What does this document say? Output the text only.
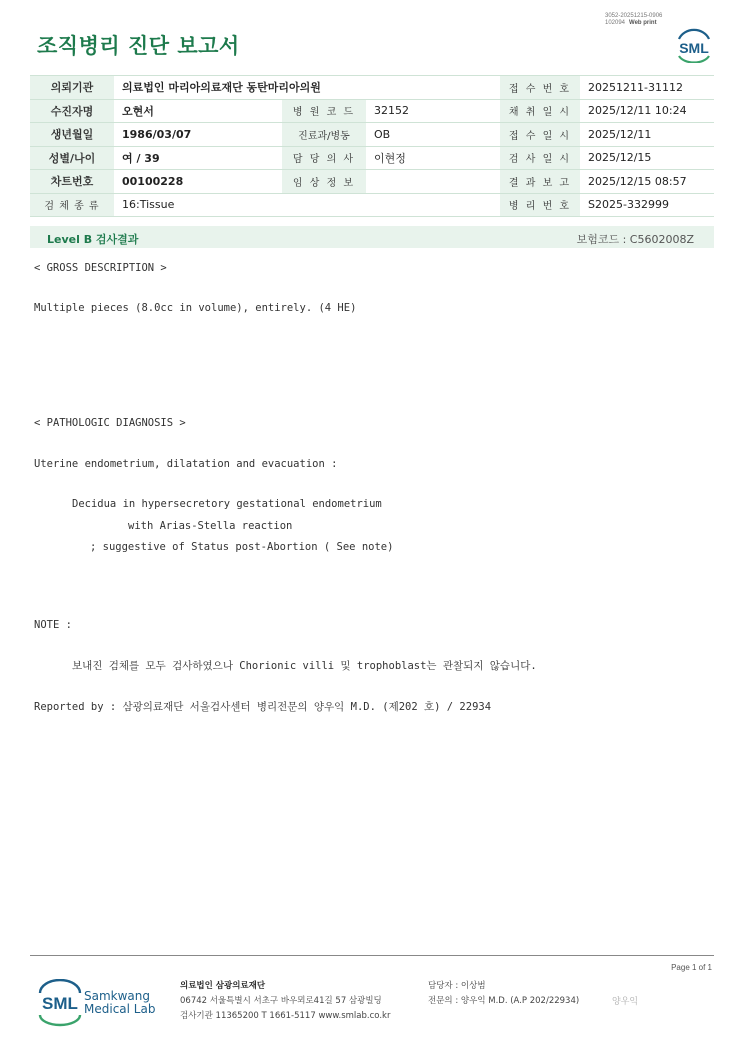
3052-20251215-0906
102094 Web print
조직병리 진단 보고서	SML
의뢰기관	의료법인 마리아의료재단 동탄마리아의원			접 수 번 호	20251211-31112
수진자명	오현서	병 원 코 드	32152	채 취 일 시	2025/12/11 10:24
생년월일	1986/03/07	진료과/병동	OB	접 수 일 시	2025/12/11
성별/나이	여 / 39	담 당 의 사	이현정	검 사 일 시	2025/12/15
차트번호	00100228	임 상 정 보		결 과 보 고	2025/12/15 08:57
검 체 종 류	16:Tissue			병 리 번 호	S2025-332999
Level B 검사결과	보험코드 : C5602008Z
< GROSS DESCRIPTION >
Multiple pieces (8.0cc in volume), entirely. (4 HE)
< PATHOLOGIC DIAGNOSIS >
Uterine endometrium, dilatation and evacuation :
Decidua in hypersecretory gestational endometrium
with Arias-Stella reaction
; suggestive of Status post-Abortion ( See note)
NOTE :
보내진 검체를 모두 검사하였으나 Chorionic villi 및 trophoblast는 관찰되지 않습니다.
Reported by : 삼광의료재단 서울검사센터 병리전문의 양우익 M.D. (제202 호) / 22934
Page 1 of 1
SML Samkwang
Medical Lab
의료법인 삼광의료재단
06742 서울특별시 서초구 바우뫼로41길 57 삼광빌딩
검사기관 11365200 T 1661-5117 www.smlab.co.kr
담당자 : 이상범
전문의 : 양우익 M.D. (A.P 202/22934)	양우익
